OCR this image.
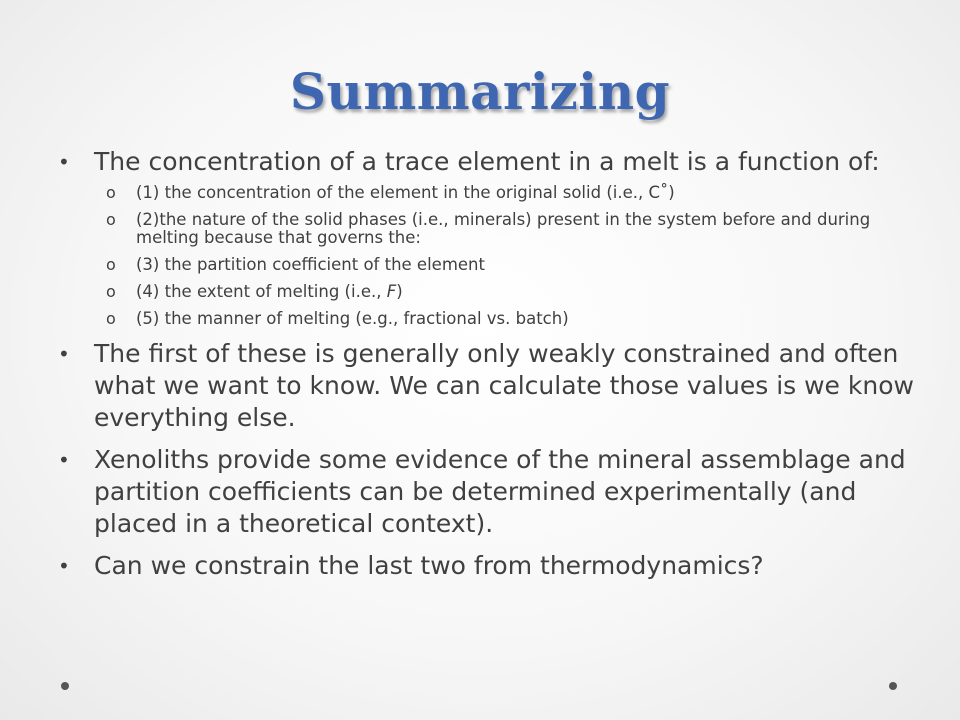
Summarizing
• The concentration of a trace element in a melt is a function of:
o (1) the concentration of the element in the original solid (i.e., C˚)
o (2)the nature of the solid phases (i.e., minerals) present in the system before and during melting because that governs the:
o (3) the partition coefficient of the element
o (4) the extent of melting (i.e., F)
o (5) the manner of melting (e.g., fractional vs. batch)
• The first of these is generally only weakly constrained and often what we want to know. We can calculate those values is we know everything else.
• Xenoliths provide some evidence of the mineral assemblage and partition coefficients can be determined experimentally (and placed in a theoretical context).
• Can we constrain the last two from thermodynamics?
